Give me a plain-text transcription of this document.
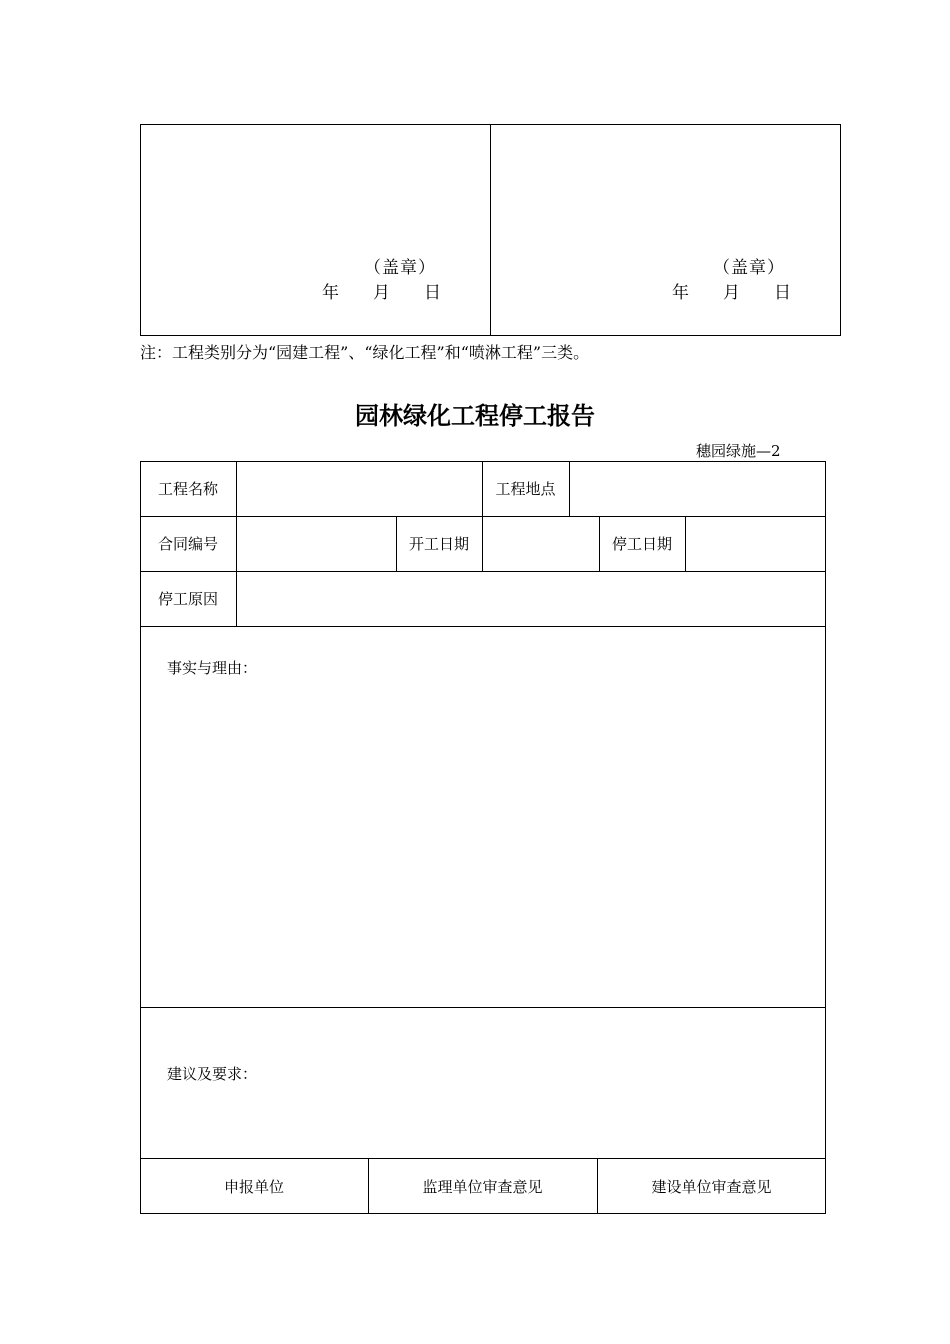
（盖章）
年　　月　　日
（盖章）
年　　月　　日
注：工程类别分为“园建工程”、“绿化工程”和“喷淋工程”三类。
园林绿化工程停工报告
穗园绿施—2
工程名称	工程地点
合同编号	开工日期	停工日期
停工原因
事实与理由：
建议及要求：
申报单位	监理单位审查意见	建设单位审查意见
